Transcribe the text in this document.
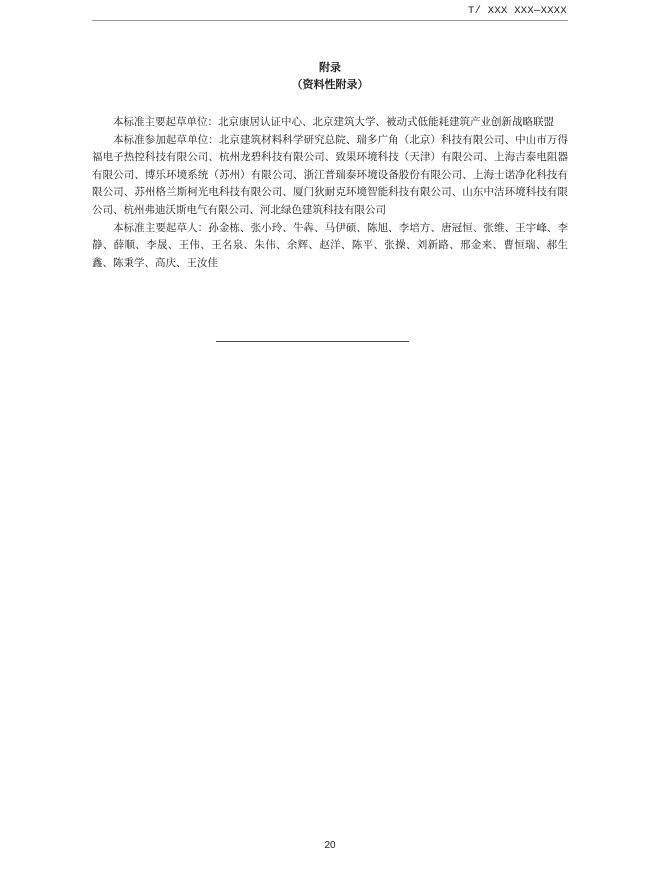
T/ XXX XXX—XXXX
附录
（资料性附录）

本标准主要起草单位：北京康居认证中心、北京建筑大学、被动式低能耗建筑产业创新战略联盟

本标准参加起草单位：北京建筑材料科学研究总院、瑞多广角（北京）科技有限公司、中山市万得福电子热控科技有限公司、杭州龙碧科技有限公司、致果环境科技（天津）有限公司、上海吉泰电阻器有限公司、博乐环境系统（苏州）有限公司、浙江普瑞泰环境设备股份有限公司、上海士诺净化科技有限公司、苏州格兰斯柯光电科技有限公司、厦门狄耐克环境智能科技有限公司、山东中洁环境科技有限公司、杭州弗迪沃斯电气有限公司、河北绿色建筑科技有限公司

本标准主要起草人：孙金栋、张小玲、牛犇、马伊硕、陈旭、李培方、唐冠恒、张维、王宇峰、李静、薛顺、李晟、王伟、王名泉、朱伟、余辉、赵洋、陈平、张操、刘新路、邢金来、曹恒瑞、郝生鑫、陈秉学、高庆、王汝佳

20
